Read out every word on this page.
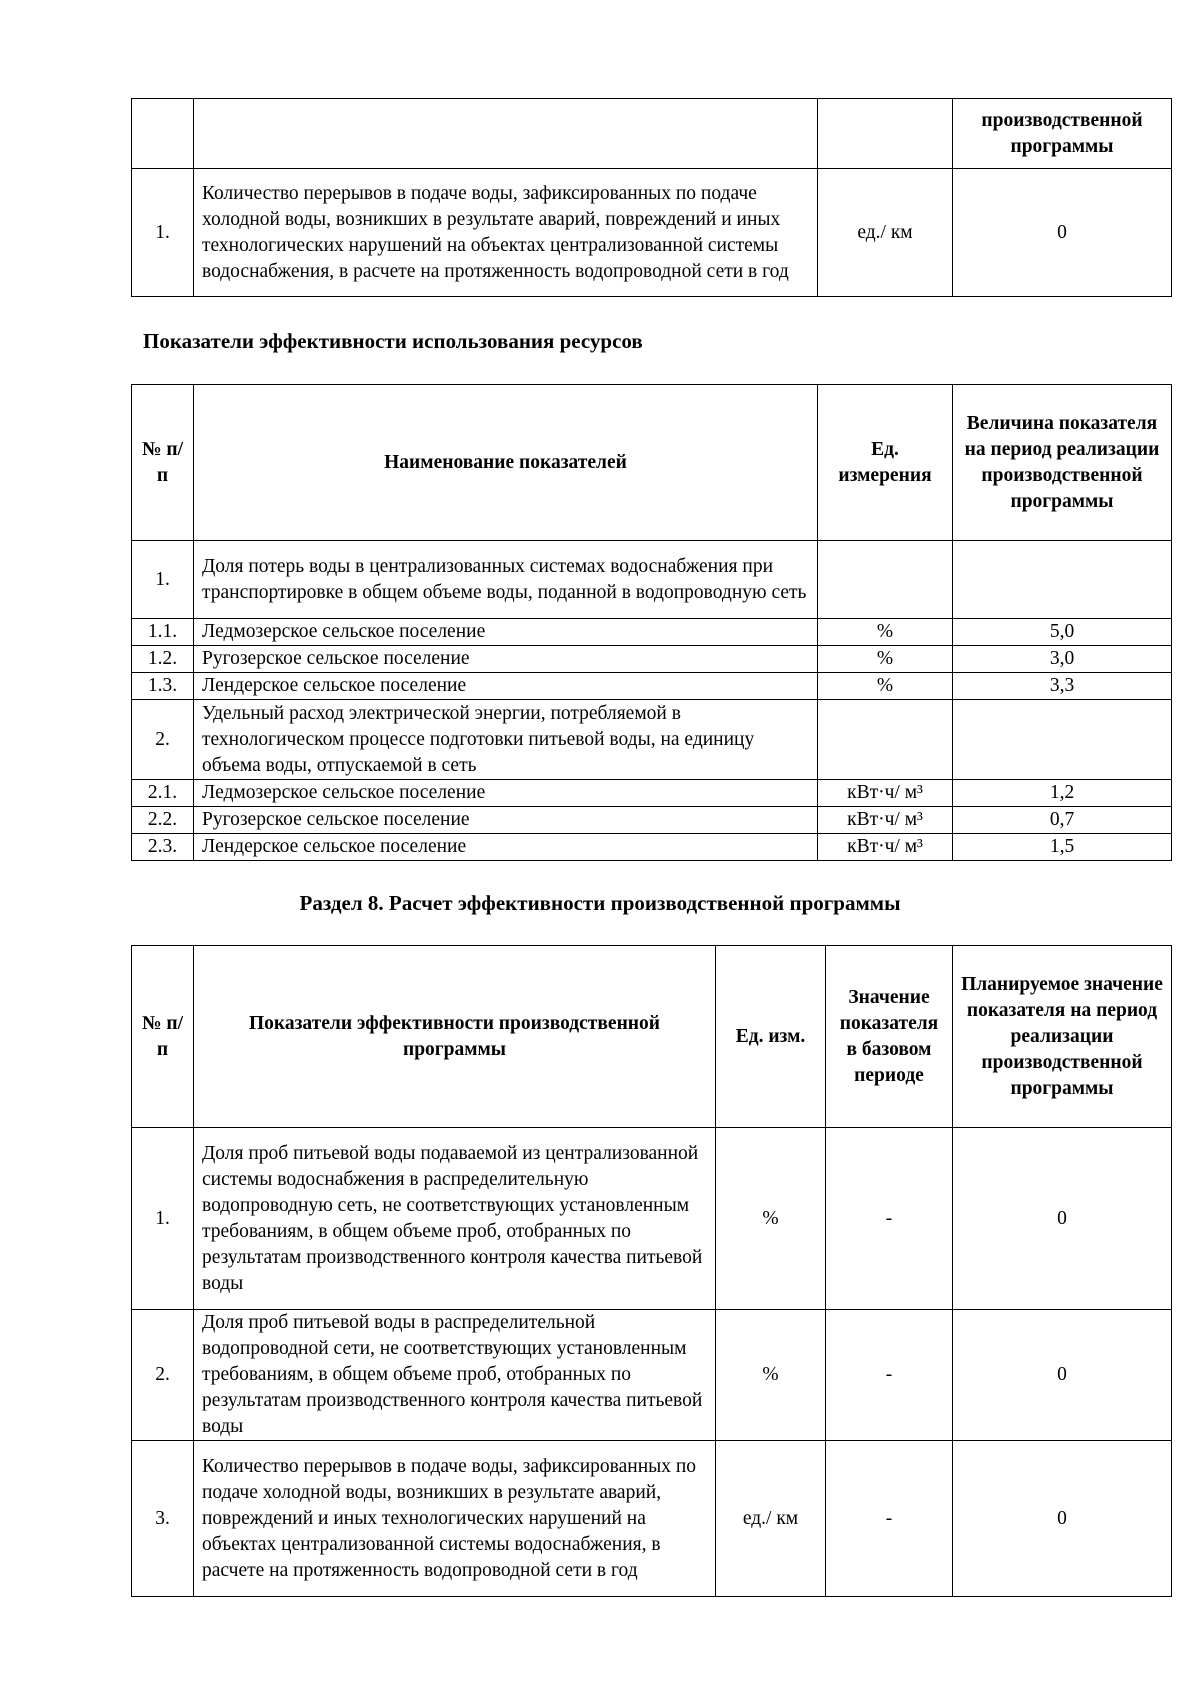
			производственной программы
1.	Количество перерывов в подаче воды, зафиксированных по подаче холодной воды, возникших в результате аварий, повреждений и иных технологических нарушений на объектах централизованной системы водоснабжения, в расчете на протяженность водопроводной сети в год	ед./ км	0
Показатели эффективности использования ресурсов
№ п/п	Наименование показателей	Ед. измерения	Величина показателя на период реализации производственной программы
1.	Доля потерь воды в централизованных системах водоснабжения при транспортировке в общем объеме воды, поданной в водопроводную сеть		
1.1.	Ледмозерское сельское поселение	%	5,0
1.2.	Ругозерское сельское поселение	%	3,0
1.3.	Лендерское сельское поселение	%	3,3
2.	Удельный расход электрической энергии, потребляемой в технологическом процессе подготовки питьевой воды, на единицу объема воды, отпускаемой в сеть		
2.1.	Ледмозерское сельское поселение	кВт·ч/ м³	1,2
2.2.	Ругозерское сельское поселение	кВт·ч/ м³	0,7
2.3.	Лендерское сельское поселение	кВт·ч/ м³	1,5
Раздел 8. Расчет эффективности производственной программы
№ п/п	Показатели эффективности производственной программы	Ед. изм.	Значение показателя в базовом периоде	Планируемое значение показателя на период реализации производственной программы
1.	Доля проб питьевой воды подаваемой из централизованной системы водоснабжения в распределительную водопроводную сеть, не соответствующих установленным требованиям, в общем объеме проб, отобранных по результатам производственного контроля качества питьевой воды	%	-	0
2.	Доля проб питьевой воды в распределительной водопроводной сети, не соответствующих установленным требованиям, в общем объеме проб, отобранных по результатам производственного контроля качества питьевой воды	%	-	0
3.	Количество перерывов в подаче воды, зафиксированных по подаче холодной воды, возникших в результате аварий, повреждений и иных технологических нарушений на объектах централизованной системы водоснабжения, в расчете на протяженность водопроводной сети в год	ед./ км	-	0
